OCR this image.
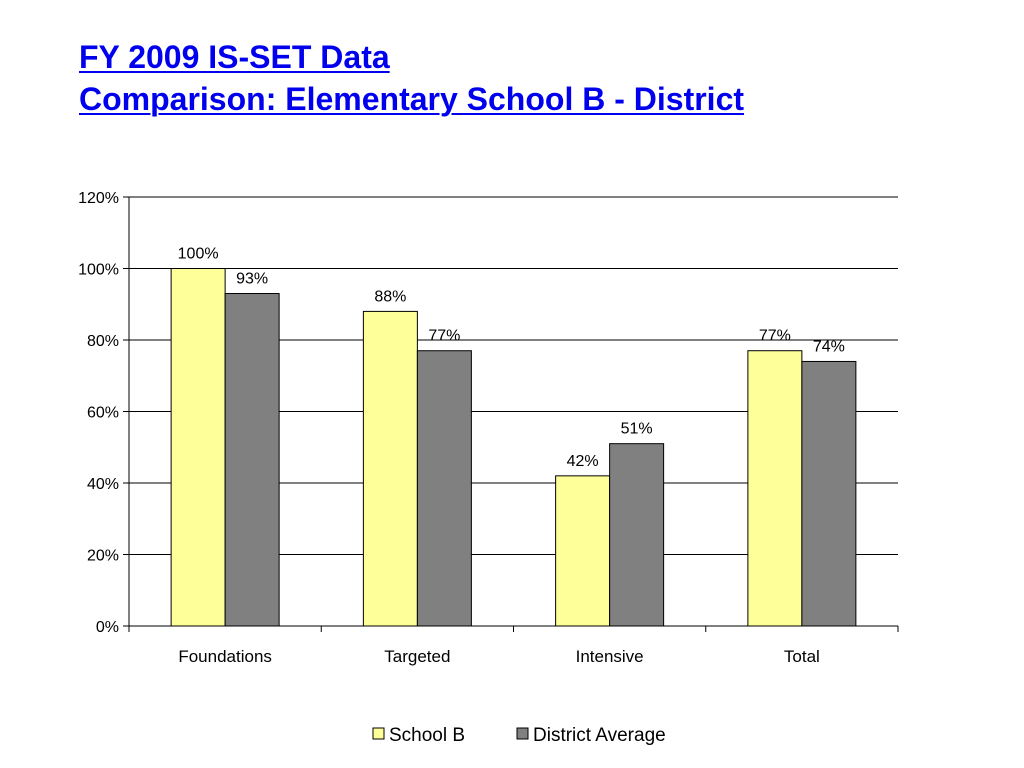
FY 2009 IS-SET Data
Comparison: Elementary School B - District
0%
20%
40%
60%
80%
100%
120%
Foundations	Targeted	Intensive	Total
100%
93%
88%
77%
42%
51%
77%
74%
School B	District Average
